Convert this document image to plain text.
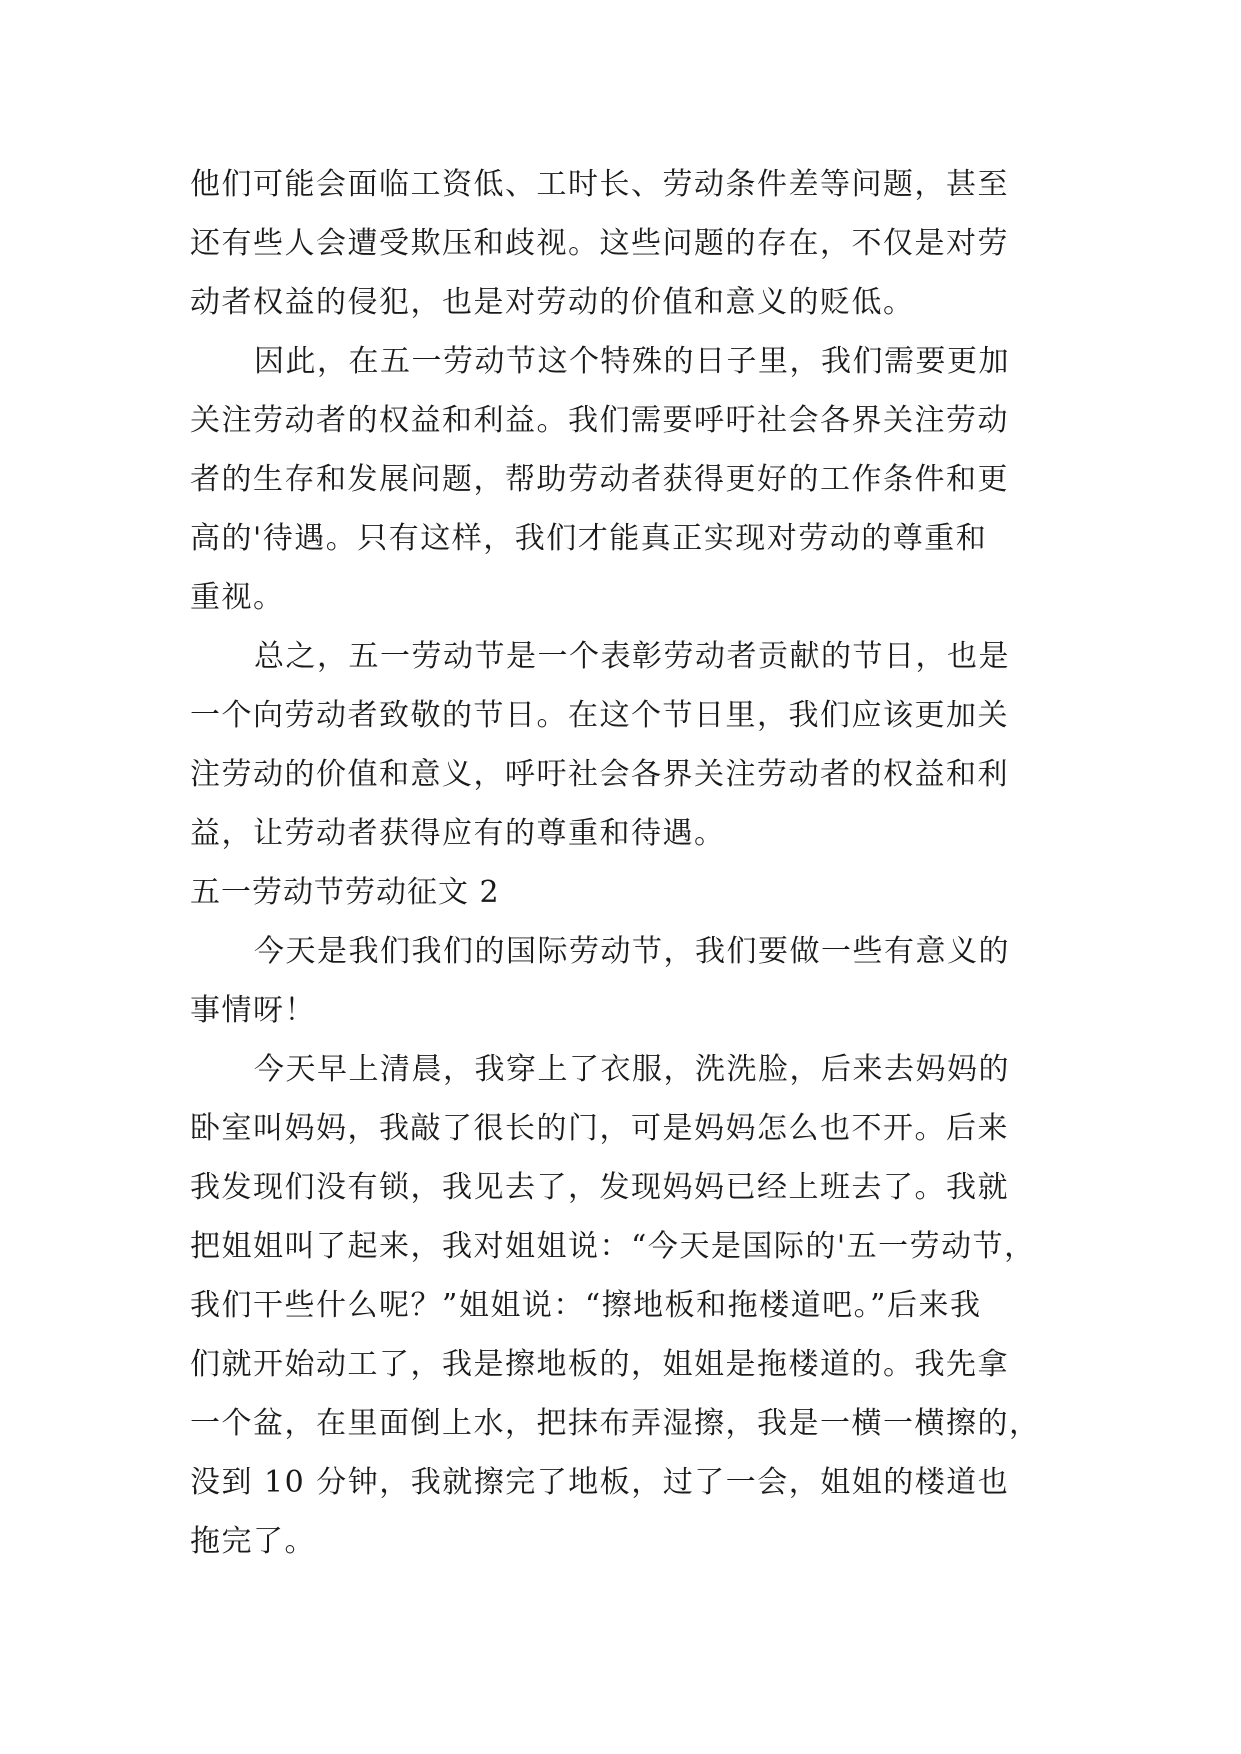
他们可能会面临工资低、工时长、劳动条件差等问题，甚至
还有些人会遭受欺压和歧视。这些问题的存在，不仅是对劳
动者权益的侵犯，也是对劳动的价值和意义的贬低。
因此，在五一劳动节这个特殊的日子里，我们需要更加
关注劳动者的权益和利益。我们需要呼吁社会各界关注劳动
者的生存和发展问题，帮助劳动者获得更好的工作条件和更
高的'待遇。只有这样，我们才能真正实现对劳动的尊重和
重视。
总之，五一劳动节是一个表彰劳动者贡献的节日，也是
一个向劳动者致敬的节日。在这个节日里，我们应该更加关
注劳动的价值和意义，呼吁社会各界关注劳动者的权益和利
益，让劳动者获得应有的尊重和待遇。
五一劳动节劳动征文 2
今天是我们我们的国际劳动节，我们要做一些有意义的
事情呀！
今天早上清晨，我穿上了衣服，洗洗脸，后来去妈妈的
卧室叫妈妈，我敲了很长的门，可是妈妈怎么也不开。后来
我发现们没有锁，我见去了，发现妈妈已经上班去了。我就
把姐姐叫了起来，我对姐姐说：“今天是国际的'五一劳动节，
我们干些什么呢？”姐姐说：“擦地板和拖楼道吧。”后来我
们就开始动工了，我是擦地板的，姐姐是拖楼道的。我先拿
一个盆，在里面倒上水，把抹布弄湿擦，我是一横一横擦的，
没到 10 分钟，我就擦完了地板，过了一会，姐姐的楼道也
拖完了。
